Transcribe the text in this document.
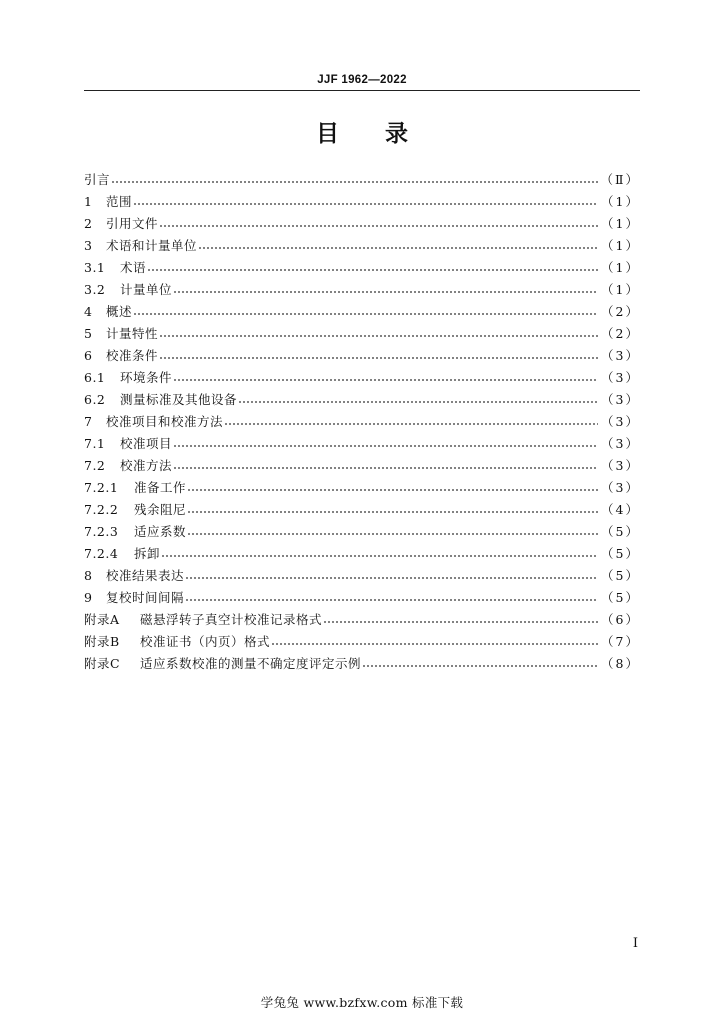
JJF 1962—2022
目录
引言	（Ⅱ）
1	范围	（1）
2	引用文件	（1）
3	术语和计量单位	（1）
3.1	术语	（1）
3.2	计量单位	（1）
4	概述	（2）
5	计量特性	（2）
6	校准条件	（3）
6.1	环境条件	（3）
6.2	测量标准及其他设备	（3）
7	校准项目和校准方法	（3）
7.1	校准项目	（3）
7.2	校准方法	（3）
7.2.1	准备工作	（3）
7.2.2	残余阻尼	（4）
7.2.3	适应系数	（5）
7.2.4	拆卸	（5）
8	校准结果表达	（5）
9	复校时间间隔	（5）
附录A	磁悬浮转子真空计校准记录格式	（6）
附录B	校准证书（内页）格式	（7）
附录C	适应系数校准的测量不确定度评定示例	（8）
I
学兔兔 www.bzfxw.com 标准下载
